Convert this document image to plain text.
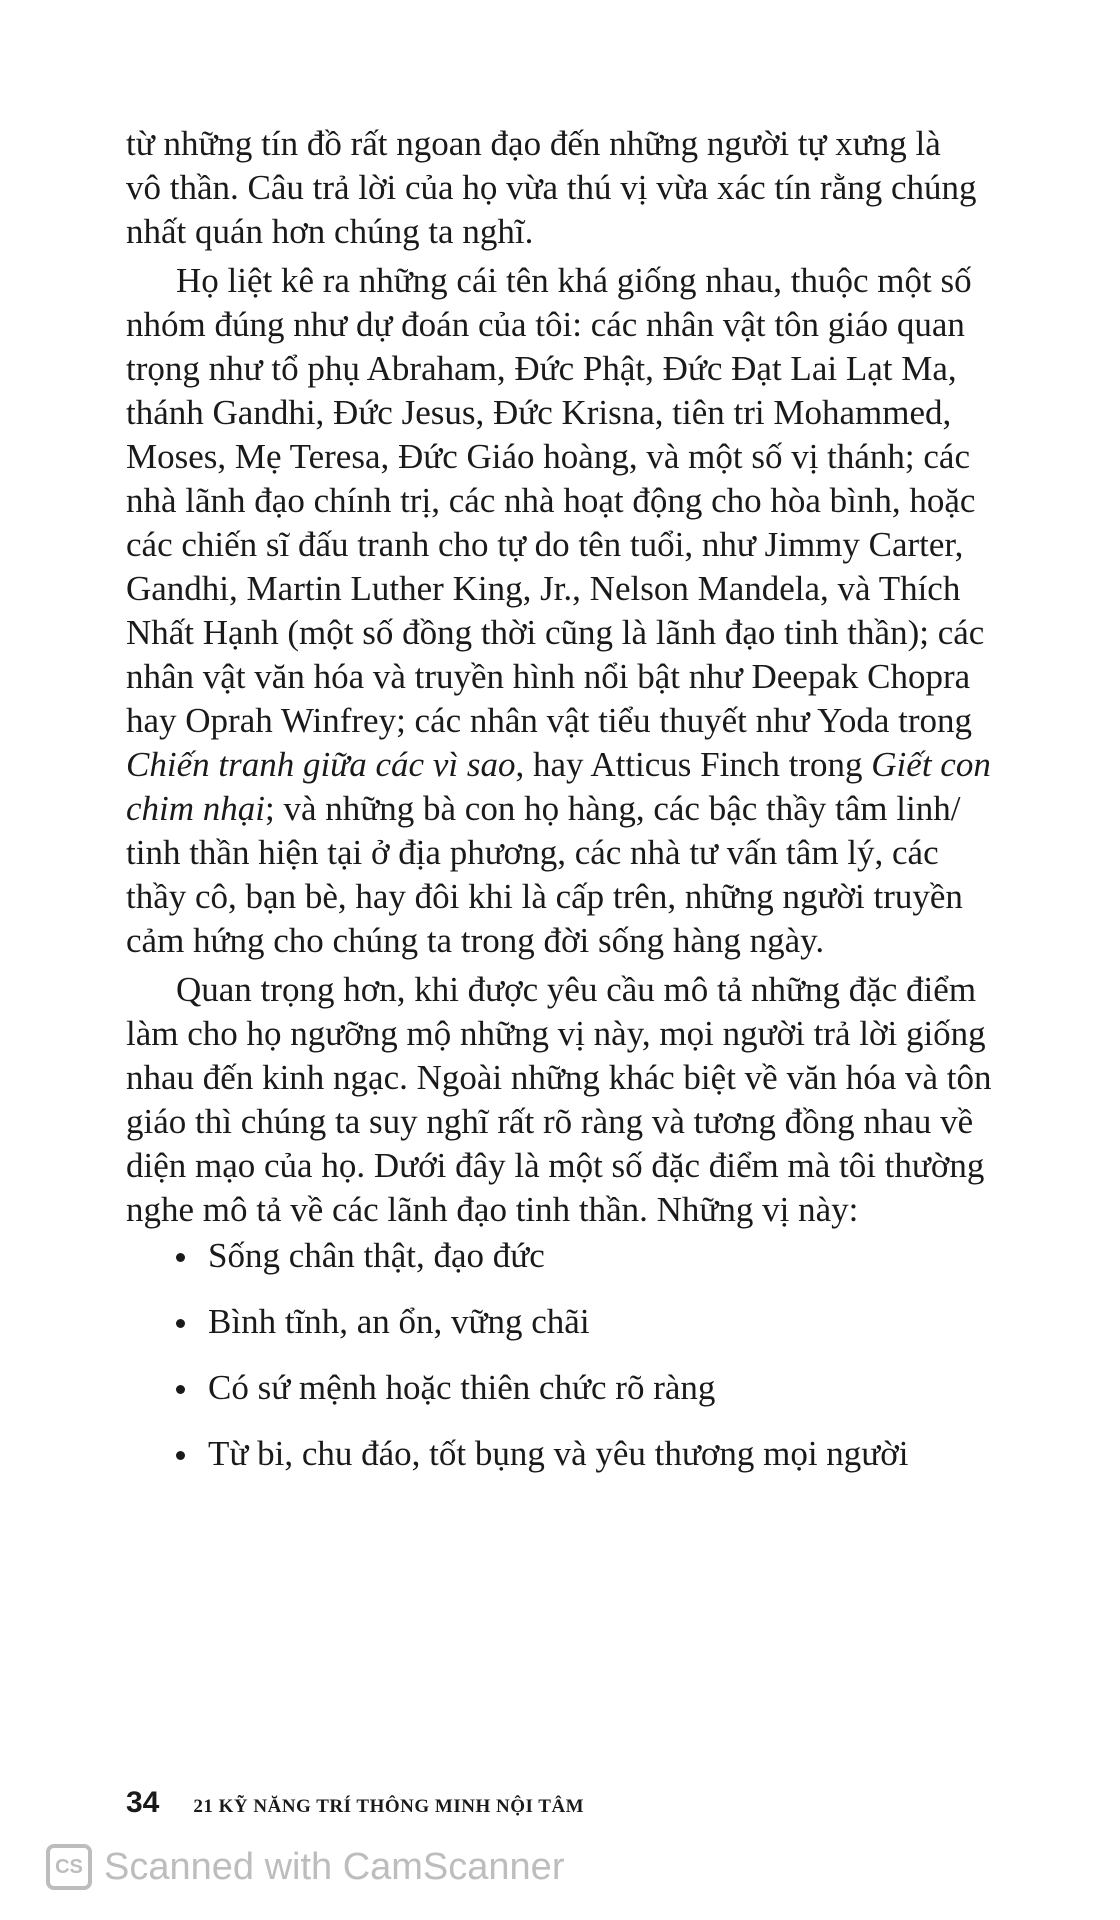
từ những tín đồ rất ngoan đạo đến những người tự xưng là
vô thần. Câu trả lời của họ vừa thú vị vừa xác tín rằng chúng
nhất quán hơn chúng ta nghĩ.
Họ liệt kê ra những cái tên khá giống nhau, thuộc một số
nhóm đúng như dự đoán của tôi: các nhân vật tôn giáo quan
trọng như tổ phụ Abraham, Đức Phật, Đức Đạt Lai Lạt Ma,
thánh Gandhi, Đức Jesus, Đức Krisna, tiên tri Mohammed,
Moses, Mẹ Teresa, Đức Giáo hoàng, và một số vị thánh; các
nhà lãnh đạo chính trị, các nhà hoạt động cho hòa bình, hoặc
các chiến sĩ đấu tranh cho tự do tên tuổi, như Jimmy Carter,
Gandhi, Martin Luther King, Jr., Nelson Mandela, và Thích
Nhất Hạnh (một số đồng thời cũng là lãnh đạo tinh thần); các
nhân vật văn hóa và truyền hình nổi bật như Deepak Chopra
hay Oprah Winfrey; các nhân vật tiểu thuyết như Yoda trong
Chiến tranh giữa các vì sao, hay Atticus Finch trong Giết con
chim nhại; và những bà con họ hàng, các bậc thầy tâm linh/
tinh thần hiện tại ở địa phương, các nhà tư vấn tâm lý, các
thầy cô, bạn bè, hay đôi khi là cấp trên, những người truyền
cảm hứng cho chúng ta trong đời sống hàng ngày.
Quan trọng hơn, khi được yêu cầu mô tả những đặc điểm
làm cho họ ngưỡng mộ những vị này, mọi người trả lời giống
nhau đến kinh ngạc. Ngoài những khác biệt về văn hóa và tôn
giáo thì chúng ta suy nghĩ rất rõ ràng và tương đồng nhau về
diện mạo của họ. Dưới đây là một số đặc điểm mà tôi thường
nghe mô tả về các lãnh đạo tinh thần. Những vị này:
Sống chân thật, đạo đức
Bình tĩnh, an ổn, vững chãi
Có sứ mệnh hoặc thiên chức rõ ràng
Từ bi, chu đáo, tốt bụng và yêu thương mọi người
34 21 KỸ NĂNG TRÍ THÔNG MINH NỘI TÂM
CS Scanned with CamScanner
